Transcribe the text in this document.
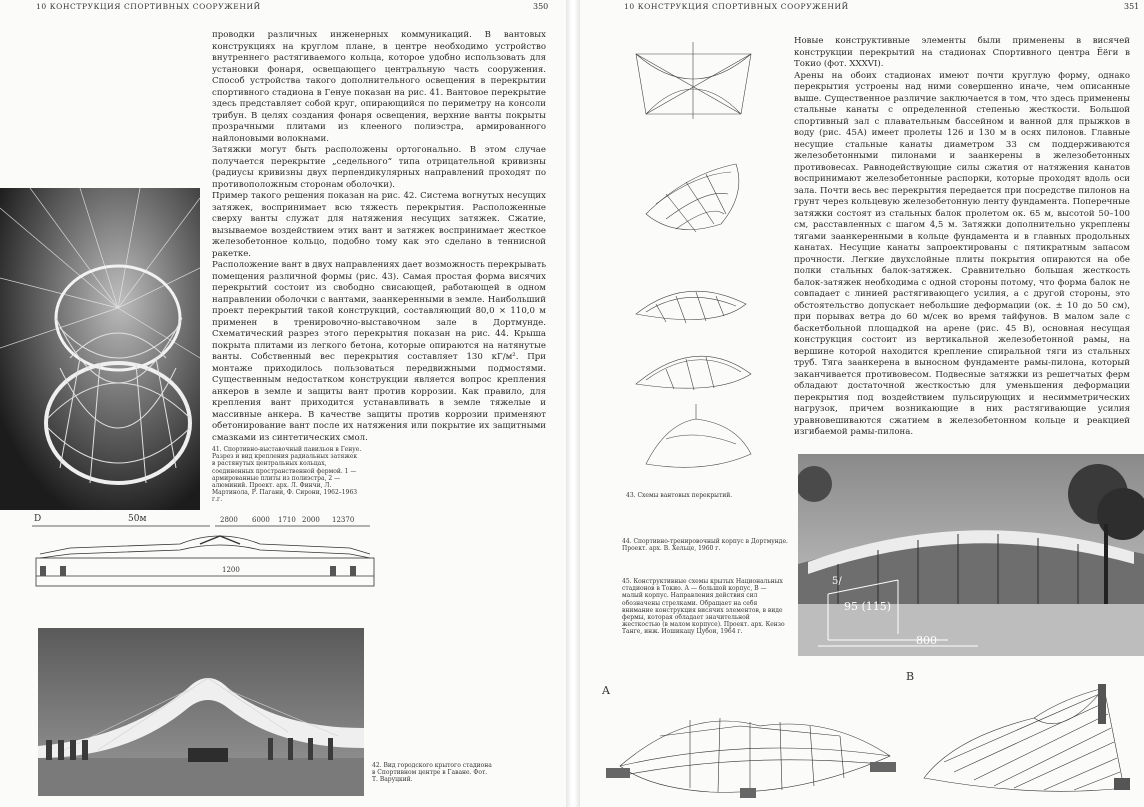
10 КОНСТРУКЦИЯ СПОРТИВНЫХ СООРУЖЕНИЙ	350

проводки различных инженерных коммуникаций. В вантовых конструкциях на круглом плане, в центре необходимо устройство внутреннего растягиваемого кольца, которое удобно использовать для установки фонаря, освещающего центральную часть сооружения. Способ устройства такого дополнительного освещения в перекрытии спортивного стадиона в Генуе показан на рис. 41. Вантовое перекрытие здесь представляет собой круг, опирающийся по периметру на консоли трибун. В целях создания фонаря освещения, верхние ванты покрыты прозрачными плитами из клееного полиэстра, армированного найлоновыми волокнами.

Затяжки могут быть расположены ортогонально. В этом случае получается перекрытие „седельного“ типа отрицательной кривизны (радиусы кривизны двух перпендикулярных направлений проходят по противоположным сторонам оболочки).

Пример такого решения показан на рис. 42. Система вогнутых несущих затяжек, воспринимает всю тяжесть перекрытия. Расположенные сверху ванты служат для натяжения несущих затяжек. Сжатие, вызываемое воздействием этих вант и затяжек воспринимает жесткое железобетонное кольцо, подобно тому как это сделано в теннисной ракетке.

Расположение вант в двух направлениях дает возможность перекрывать помещения различной формы (рис. 43). Самая простая форма висячих перекрытий состоит из свободно свисающей, работающей в одном направлении оболочки с вантами, заанкеренными в земле. Наибольший проект перекрытий такой конструкций, составляющий 80,0 × 110,0 м применен в тренировочно-выставочном зале в Дортмунде. Схематический разрез этого перекрытия показан на рис. 44. Крыша покрыта плитами из легкого бетона, которые опираются на натянутые ванты. Собственный вес перекрытия составляет 130 кГ/м². При монтаже приходилось пользоваться передвижными подмостями. Существенным недостатком конструкции является вопрос крепления анкеров в земле и защиты вант против коррозии. Как правило, для крепления вант приходится устанавливать в земле тяжелые и массивные анкера. В качестве защиты против коррозии применяют обетонирование вант после их натяжения или покрытие их защитными смазками из синтетических смол.

41. Спортивно-выставочный павильон в Генуе. Разрез и вид крепления радиальных затяжек в растянутых центральных кольцах, соединенных пространственной фермой. 1 — армированные плиты из полиэстра, 2 — алюминий. Проект. арх. Л. Финчи, Л. Мартинола, Р. Пагани, Ф. Сирони, 1962–1963 г.г.
D	50м	2800 6000 1710 2000 12370
1200
42. Вид городского крытого стадиона в Спортивном центре в Гаване. Фот. Т. Варуцкий.
10 КОНСТРУКЦИЯ СПОРТИВНЫХ СООРУЖЕНИЙ	351
43. Схемы вантовых перекрытий.

Новые конструктивные элементы были применены в висячей конструкции перекрытий на стадионах Спортивного центра Ёёги в Токио (фот. XXXVI).

Арены на обоих стадионах имеют почти круглую форму, однако перекрытия устроены над ними совершенно иначе, чем описанные выше. Существенное различие заключается в том, что здесь применены стальные канаты с определенной степенью жесткости. Большой спортивный зал с плавательным бассейном и ванной для прыжков в воду (рис. 45А) имеет пролеты 126 и 130 м в осях пилонов. Главные несущие стальные канаты диаметром 33 см поддерживаются железобетонными пилонами и заанкерены в железобетонных противовесах. Равнодействующие силы сжатия от натяжения канатов воспринимают железобетонные распорки, которые проходят вдоль оси зала. Почти весь вес перекрытия передается при посредстве пилонов на грунт через кольцевую железобетонную ленту фундамента. Поперечные затяжки состоят из стальных балок пролетом ок. 65 м, высотой 50–100 см, расставленных с шагом 4,5 м. Затяжки дополнительно укреплены тягами заанкеренными в кольце фундамента и в главных продольных канатах. Несущие канаты запроектированы с пятикратным запасом прочности. Легкие двухслойные плиты покрытия опираются на обе полки стальных балок-затяжек. Сравнительно большая жесткость балок-затяжек необходима с одной стороны потому, что форма балок не совпадает с линией растягивающего усилия, а с другой стороны, это обстоятельство допускает небольшие деформации (ок. ± 10 до 50 см), при порывах ветра до 60 м/сек во время тайфунов. В малом зале с баскетбольной площадкой на арене (рис. 45 В), основная несущая конструкция состоит из вертикальной железобетонной рамы, на вершине которой находится крепление спиральной тяги из стальных труб. Тяга заанкерена в выносном фундаменте рамы-пилона, который заканчивается противовесом. Подвесные затяжки из решетчатых ферм обладают достаточной жесткостью для уменьшения деформации перекрытия под воздействием пульсирующих и несимметрических нагрузок, причем возникающие в них растягивающие усилия уравновешиваются сжатием в железобетонном кольце и реакцией изгибаемой рамы-пилона.

5/
95 (115)
800
44. Спортивно-тренировочный корпус в Дортмунде. Проект. арх. В. Хельце, 1960 г.
45. Конструктивные схемы крытых Национальных стадионов в Токио. А — большой корпус, В — малый корпус. Направления действия сил обозначены стрелками. Обращает на себя внимание конструкция висячих элементов, в виде фермы, которая обладает значительной жесткостью (в малом корпусе). Проект. арх. Кензо Танге, инж. Иошикацу Цубои, 1964 г.
A
B
